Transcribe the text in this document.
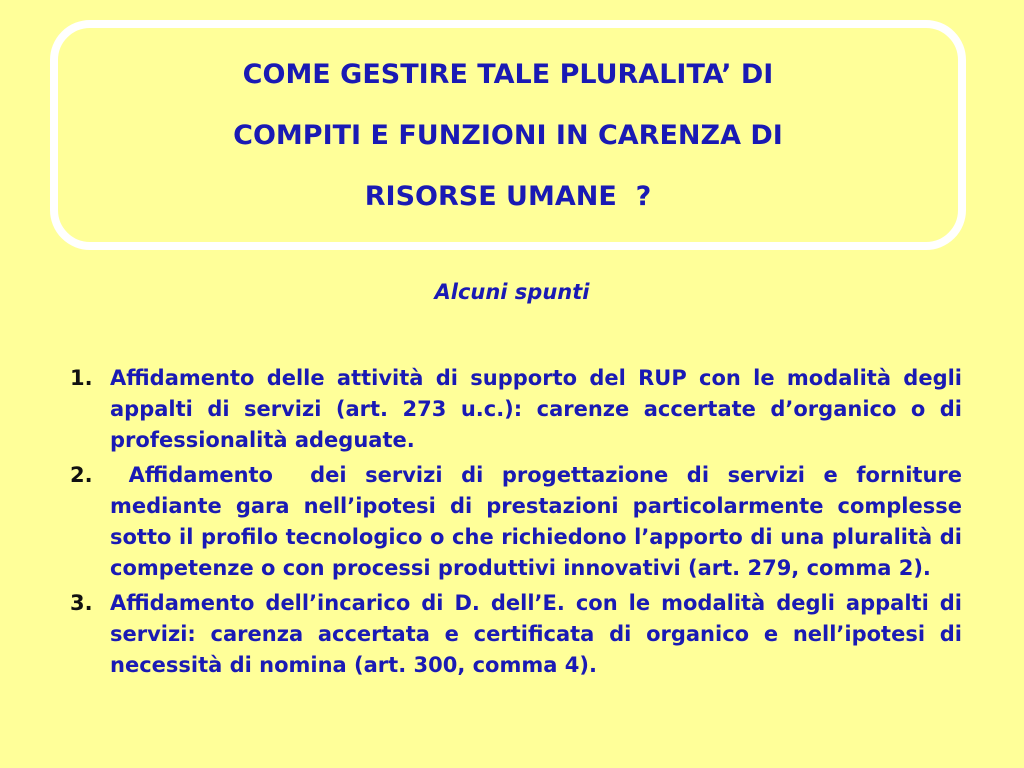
COME GESTIRE TALE PLURALITA’ DI
COMPITI E FUNZIONI IN CARENZA DI
RISORSE UMANE  ?
Alcuni spunti
1. Affidamento delle attività di supporto del RUP con le modalità degli appalti di servizi (art. 273 u.c.): carenze accertate d’organico o di professionalità adeguate.
2. Affidamento  dei servizi di progettazione di servizi e forniture mediante gara nell’ipotesi di prestazioni particolarmente complesse sotto il profilo tecnologico o che richiedono l’apporto di una pluralità di competenze o con processi produttivi innovativi (art. 279, comma 2).
3. Affidamento dell’incarico di D. dell’E. con le modalità degli appalti di servizi: carenza accertata e certificata di organico e nell’ipotesi di necessità di nomina (art. 300, comma 4).
